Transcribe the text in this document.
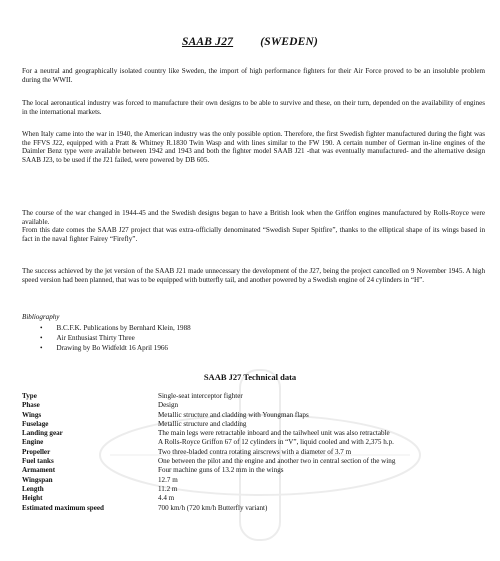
SAAB J27 (SWEDEN)

For a neutral and geographically isolated country like Sweden, the import of high performance fighters for their Air Force proved to be an insoluble problem during the WWII.

The local aeronautical industry was forced to manufacture their own designs to be able to survive and these, on their turn, depended on the availability of engines in the international markets.

When Italy came into the war in 1940, the American industry was the only possible option. Therefore, the first Swedish fighter manufactured during the fight was the FFVS J22, equipped with a Pratt & Whitney R.1830 Twin Wasp and with lines similar to the FW 190. A certain number of German in-line engines of the Daimler Benz type were available between 1942 and 1943 and both the fighter model SAAB J21 -that was eventually manufactured- and the alternative design SAAB J23, to be used if the J21 failed, were powered by DB 605.

The course of the war changed in 1944-45 and the Swedish designs began to have a British look when the Griffon engines manufactured by Rolls-Royce were available.

From this date comes the SAAB J27 project that was extra-officially denominated “Swedish Super Spitfire”, thanks to the elliptical shape of its wings based in fact in the naval fighter Fairey “Firefly”.

The success achieved by the jet version of the SAAB J21 made unnecessary the development of the J27, being the project cancelled on 9 November 1945. A high speed version had been planned, that was to be equipped with butterfly tail, and another powered by a Swedish engine of 24 cylinders in “H”.

Bibliography
• B.C.F.K. Publications by Bernhard Klein, 1988
• Air Enthusiast Thirty Three
• Drawing by Bo Widfeldt 16 April 1966
SAAB J27 Technical data
Type	Single-seat interceptor fighter
Phase	Design
Wings	Metallic structure and cladding with Youngman flaps
Fuselage	Metallic structure and cladding
Landing gear	The main legs were retractable inboard and the tailwheel unit was also retractable
Engine	A Rolls-Royce Griffon 67 of 12 cylinders in “V”, liquid cooled and with 2,375 h.p.
Propeller	Two three-bladed contra rotating airscrews with a diameter of 3.7 m
Fuel tanks	One between the pilot and the engine and another two in central section of the wing
Armament	Four machine guns of 13.2 mm in the wings
Wingspan	12.7 m
Length	11.2 m
Height	4.4 m
Estimated maximum speed	700 km/h (720 km/h Butterfly variant)
